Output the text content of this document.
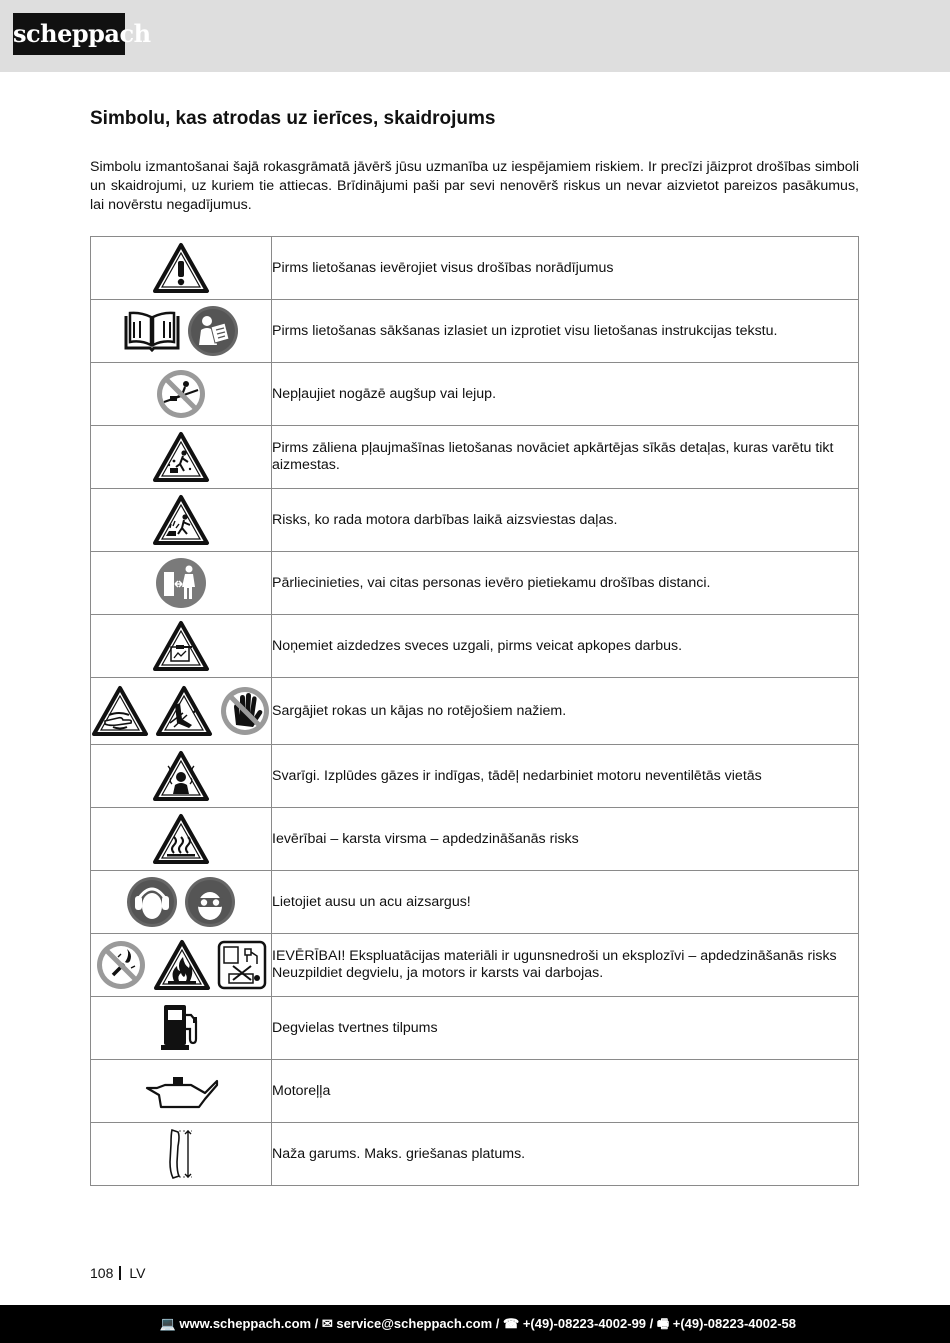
scheppach
Simbolu, kas atrodas uz ierīces, skaidrojums

Simbolu izmantošanai šajā rokasgrāmatā jāvērš jūsu uzmanība uz iespējamiem riskiem. Ir precīzi jāizprot drošības simboli un skaidrojumi, uz kuriem tie attiecas. Brīdinājumi paši par sevi nenovērš riskus un nevar aizvietot pareizos pasākumus, lai novērstu negadījumus.

	Pirms lietošanas ievērojiet visus drošības norādījumus

	Pirms lietošanas sākšanas izlasiet un izprotiet visu lietošanas instrukcijas tekstu.

	Nepļaujiet nogāzē augšup vai lejup.

	Pirms zāliena pļaujmašīnas lietošanas novāciet apkārtējas sīkās detaļas, kuras varētu tikt aizmestas.

	Risks, ko rada motora darbības laikā aizsviestas daļas.

	Pārliecinieties, vai citas personas ievēro pietiekamu drošības distanci.

	Noņemiet aizdedzes sveces uzgali, pirms veicat apkopes darbus.

	Sargājiet rokas un kājas no rotējošiem nažiem.

	Svarīgi. Izplūdes gāzes ir indīgas, tādēļ nedarbiniet motoru neventilētās vietās

	Ievērībai – karsta virsma – apdedzināšanās risks

	Lietojiet ausu un acu aizsargus!

IEVĒRĪBAI! Ekspluatācijas materiāli ir ugunsnedroši un eksplozīvi – apdedzināšanās risks
Neuzpildiet degvielu, ja motors ir karsts vai darbojas.

	Degvielas tvertnes tilpums

	Motoreļļa

	Naža garums. Maks. griešanas platums.
108 LV
💻 www.scheppach.com / ✉ service@scheppach.com / ☎ +(49)-08223-4002-99 / 🖷 +(49)-08223-4002-58
